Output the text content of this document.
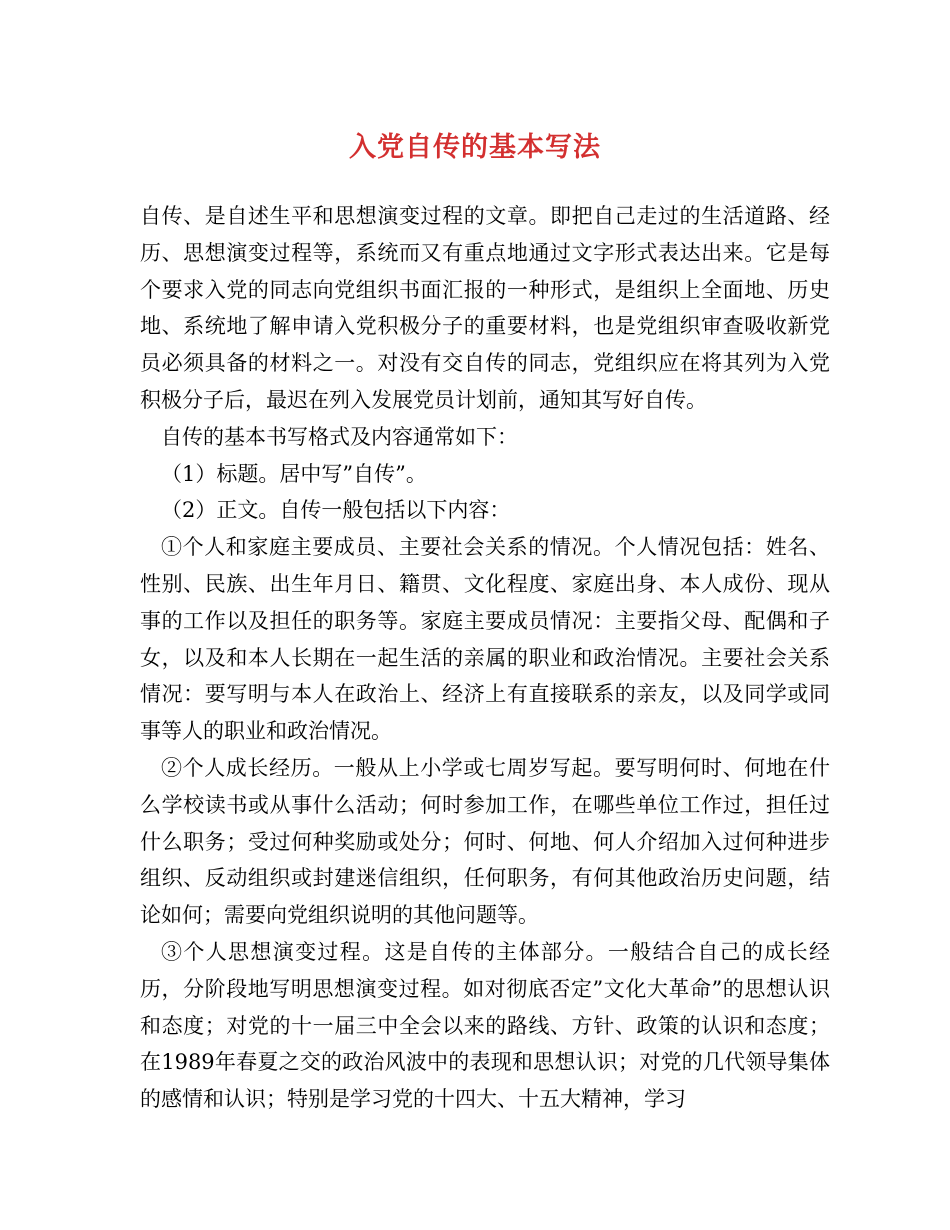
入党自传的基本写法

自传、是自述生平和思想演变过程的文章。即把自己走过的生活道路、经历、思想演变过程等，系统而又有重点地通过文字形式表达出来。它是每个要求入党的同志向党组织书面汇报的一种形式，是组织上全面地、历史地、系统地了解申请入党积极分子的重要材料，也是党组织审查吸收新党员必须具备的材料之一。对没有交自传的同志，党组织应在将其列为入党积极分子后，最迟在列入发展党员计划前，通知其写好自传。

自传的基本书写格式及内容通常如下：

（1）标题。居中写”自传”。

（2）正文。自传一般包括以下内容：

①个人和家庭主要成员、主要社会关系的情况。个人情况包括：姓名、性别、民族、出生年月日、籍贯、文化程度、家庭出身、本人成份、现从事的工作以及担任的职务等。家庭主要成员情况：主要指父母、配偶和子女，以及和本人长期在一起生活的亲属的职业和政治情况。主要社会关系情况：要写明与本人在政治上、经济上有直接联系的亲友，以及同学或同事等人的职业和政治情况。

②个人成长经历。一般从上小学或七周岁写起。要写明何时、何地在什么学校读书或从事什么活动；何时参加工作，在哪些单位工作过，担任过什么职务；受过何种奖励或处分；何时、何地、何人介绍加入过何种进步组织、反动组织或封建迷信组织，任何职务，有何其他政治历史问题，结论如何；需要向党组织说明的其他问题等。

③个人思想演变过程。这是自传的主体部分。一般结合自己的成长经历，分阶段地写明思想演变过程。如对彻底否定”文化大革命”的思想认识和态度；对党的十一届三中全会以来的路线、方针、政策的认识和态度；在1989年春夏之交的政治风波中的表现和思想认识；对党的几代领导集体的感情和认识；特别是学习党的十四大、十五大精神，学习
